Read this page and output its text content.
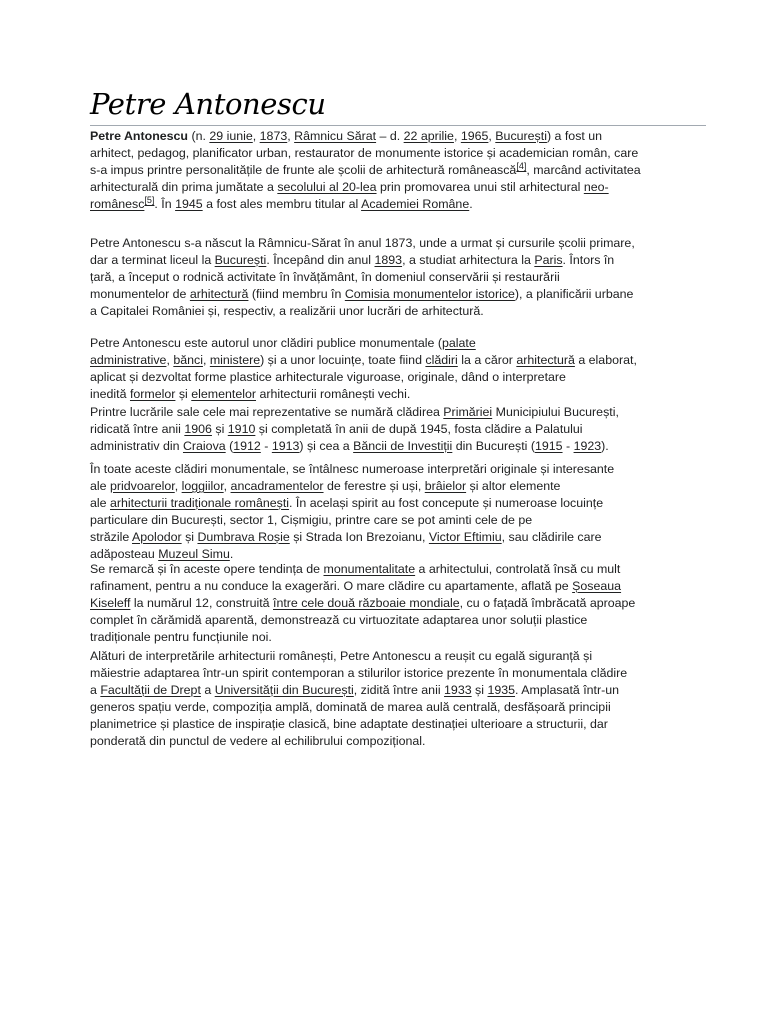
Petre Antonescu

Petre Antonescu (n. 29 iunie, 1873, Râmnicu Sărat – d. 22 aprilie, 1965, București) a fost un
arhitect, pedagog, planificator urban, restaurator de monumente istorice și academician român, care
s-a impus printre personalitățile de frunte ale școlii de arhitectură românească[4], marcând activitatea
arhitecturală din prima jumătate a secolului al 20-lea prin promovarea unui stil arhitectural neo-
românesc[5]. În 1945 a fost ales membru titular al Academiei Române.

Petre Antonescu s-a născut la Râmnicu-Sărat în anul 1873, unde a urmat și cursurile școlii primare,
dar a terminat liceul la București. Începând din anul 1893, a studiat arhitectura la Paris. Întors în
țară, a început o rodnică activitate în învățământ, în domeniul conservării și restaurării
monumentelor de arhitectură (fiind membru în Comisia monumentelor istorice), a planificării urbane
a Capitalei României și, respectiv, a realizării unor lucrări de arhitectură.

Petre Antonescu este autorul unor clădiri publice monumentale (palate
administrative, bănci, ministere) și a unor locuințe, toate fiind clădiri la a căror arhitectură a elaborat,
aplicat și dezvoltat forme plastice arhitecturale viguroase, originale, dând o interpretare
inedită formelor și elementelor arhitecturii românești vechi.

Printre lucrările sale cele mai reprezentative se numără clădirea Primăriei Municipiului București,
ridicată între anii 1906 și 1910 și completată în anii de după 1945, fosta clădire a Palatului
administrativ din Craiova (1912 - 1913) și cea a Băncii de Investiții din București (1915 - 1923).

În toate aceste clădiri monumentale, se întâlnesc numeroase interpretări originale și interesante
ale pridvoarelor, loggiilor, ancadramentelor de ferestre și uși, brâielor și altor elemente
ale arhitecturii tradiționale românești. În același spirit au fost concepute și numeroase locuințe
particulare din București, sector 1, Cișmigiu, printre care se pot aminti cele de pe
străzile Apolodor și Dumbrava Roșie și Strada Ion Brezoianu, Victor Eftimiu, sau clădirile care
adăposteau Muzeul Simu.

Se remarcă și în aceste opere tendința de monumentalitate a arhitectului, controlată însă cu mult
rafinament, pentru a nu conduce la exagerări. O mare clădire cu apartamente, aflată pe Șoseaua
Kiseleff la numărul 12, construită între cele două războaie mondiale, cu o fațadă îmbrăcată aproape
complet în cărămidă aparentă, demonstrează cu virtuozitate adaptarea unor soluții plastice
tradiționale pentru funcțiunile noi.

Alături de interpretările arhitecturii românești, Petre Antonescu a reușit cu egală siguranță și
măiestrie adaptarea într-un spirit contemporan a stilurilor istorice prezente în monumentala clădire
a Facultății de Drept a Universității din București, zidită între anii 1933 și 1935. Amplasată într-un
generos spațiu verde, compoziția amplă, dominată de marea aulă centrală, desfășoară principii
planimetrice și plastice de inspirație clasică, bine adaptate destinației ulterioare a structurii, dar
ponderată din punctul de vedere al echilibrului compozițional.
